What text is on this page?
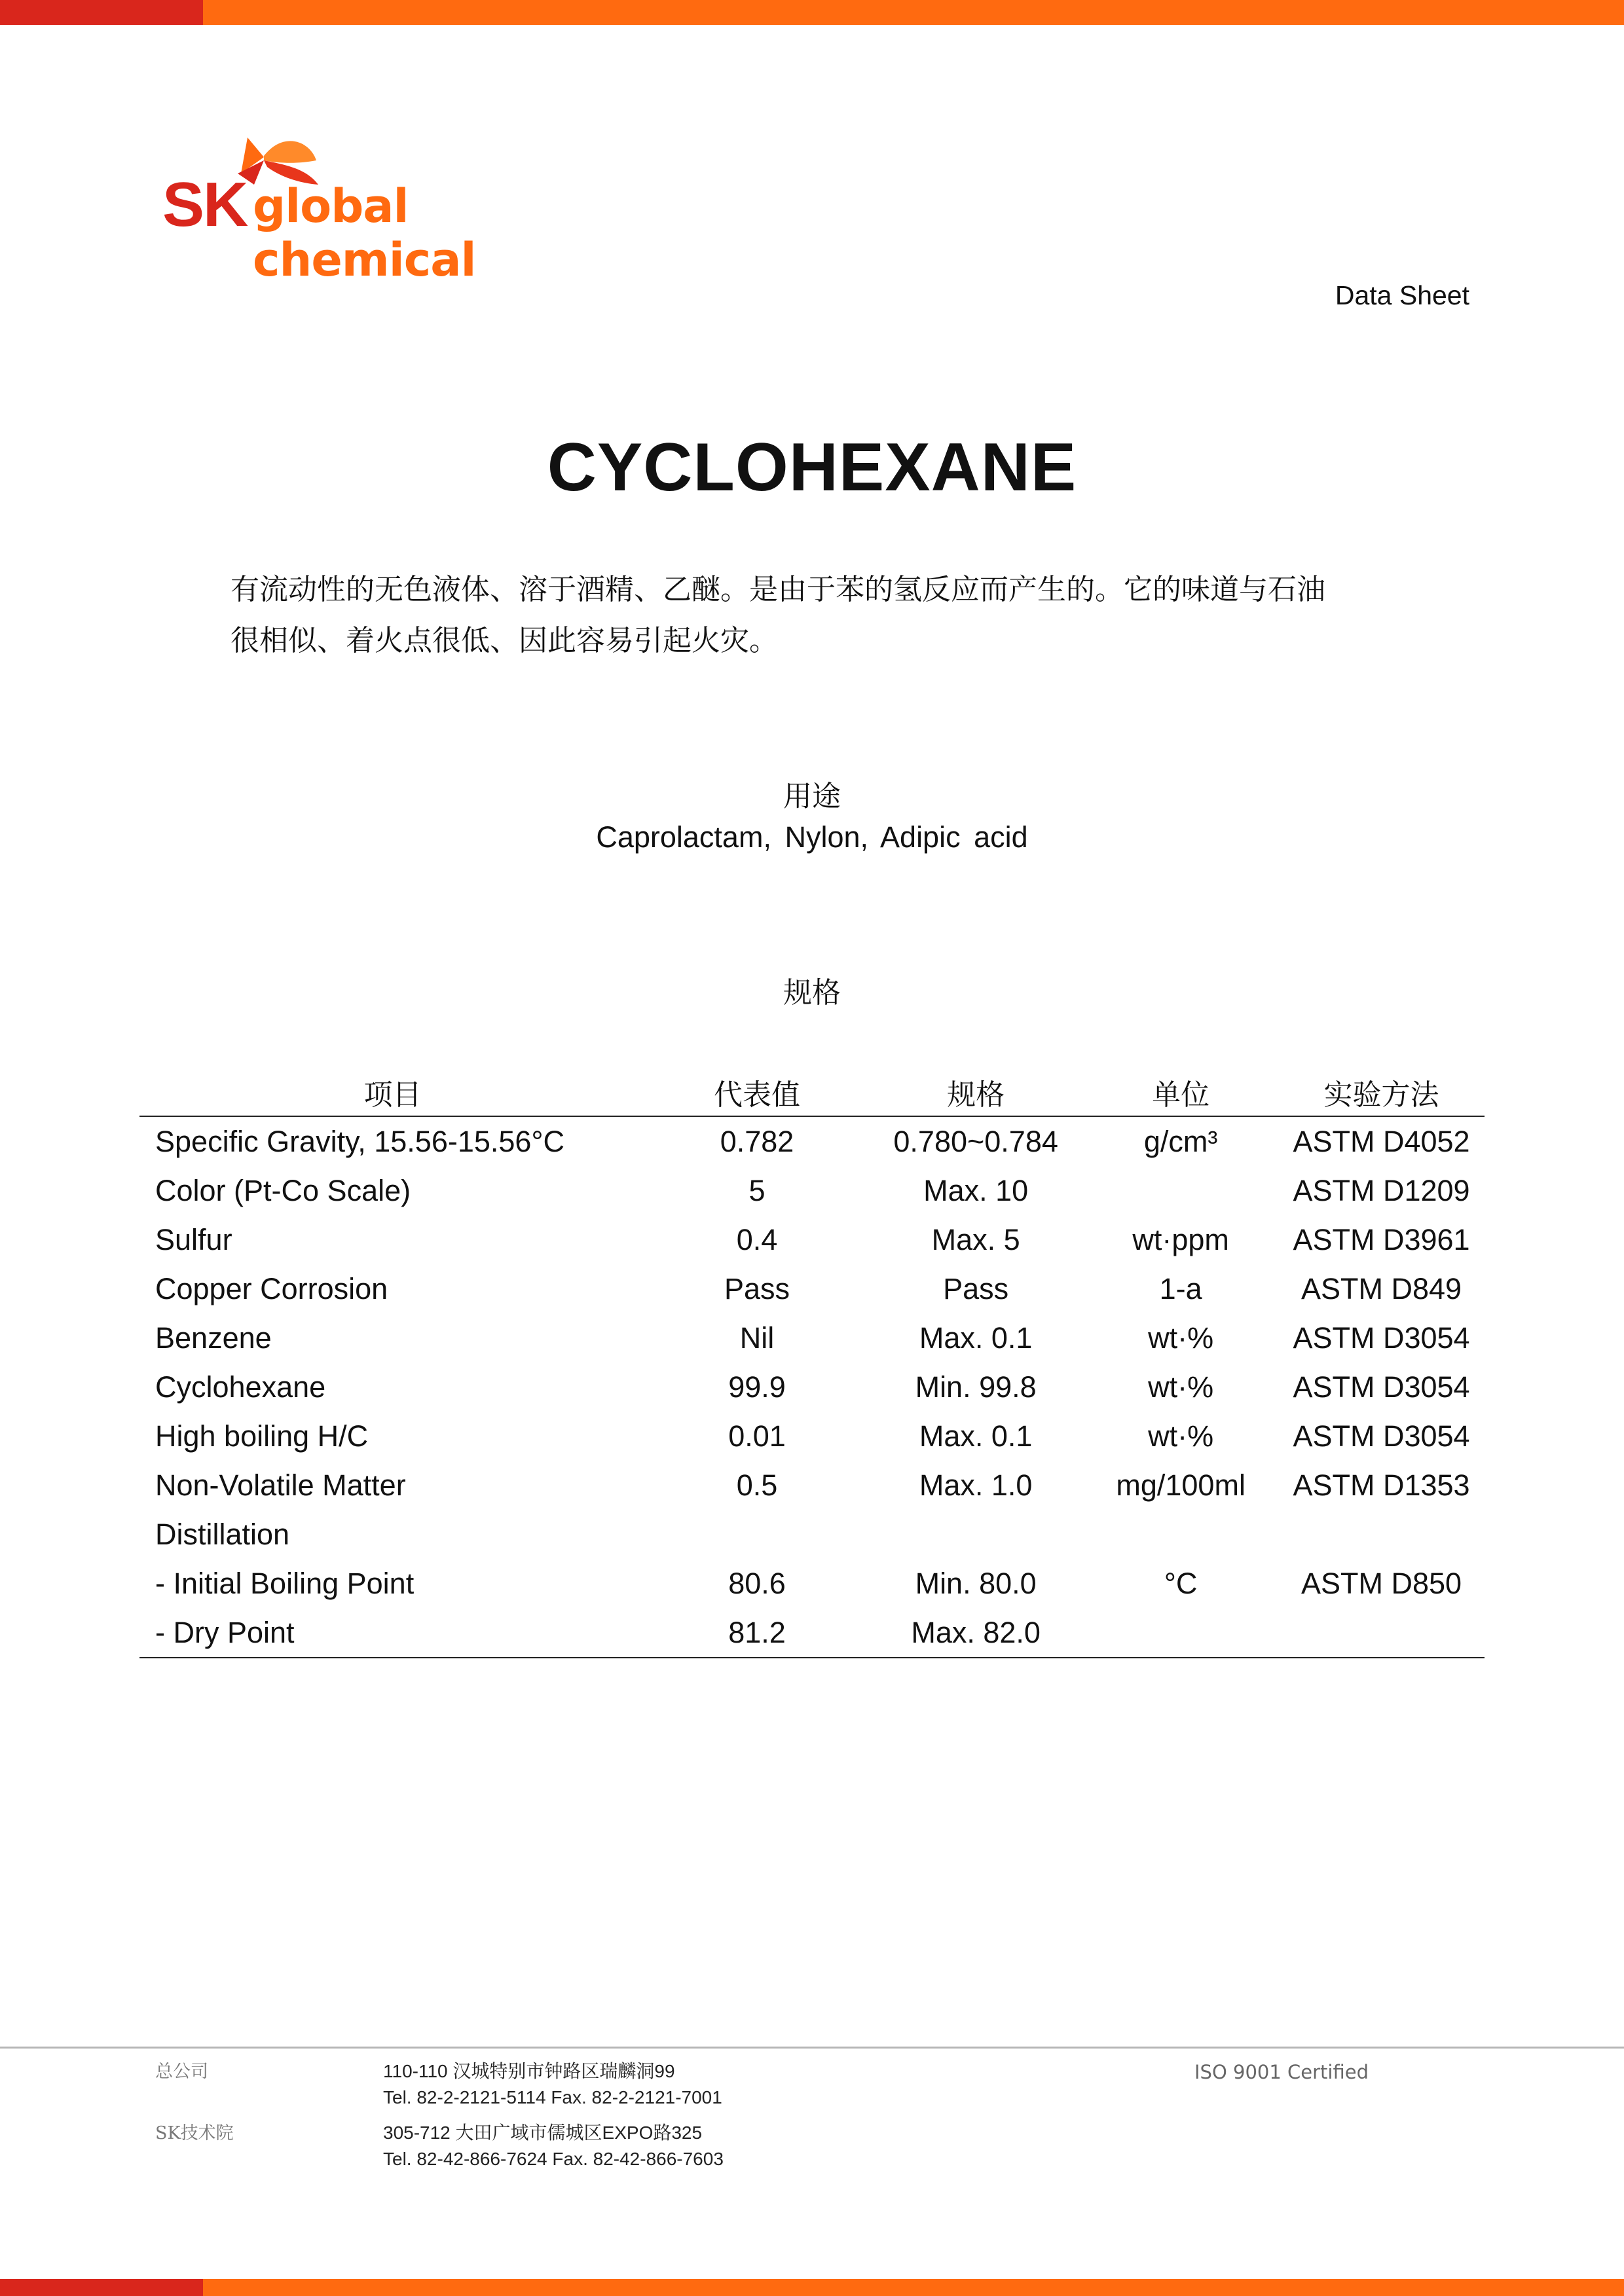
SK global chemical
Data Sheet
CYCLOHEXANE
有流动性的无色液体、溶于酒精、乙醚。是由于苯的氢反应而产生的。它的味道与石油
很相似、着火点很低、因此容易引起火灾。
用途
Caprolactam, Nylon, Adipic acid
规格
项目	代表值	规格	单位	实验方法
Specific Gravity, 15.56-15.56°C	0.782	0.780~0.784	g/cm³	ASTM D4052
Color (Pt-Co Scale)	5	Max. 10		ASTM D1209
Sulfur	0.4	Max. 5	wt·ppm	ASTM D3961
Copper Corrosion	Pass	Pass	1-a	ASTM D849
Benzene	Nil	Max. 0.1	wt·%	ASTM D3054
Cyclohexane	99.9	Min. 99.8	wt·%	ASTM D3054
High boiling H/C	0.01	Max. 0.1	wt·%	ASTM D3054
Non-Volatile Matter	0.5	Max. 1.0	mg/100ml	ASTM D1353
Distillation				
- Initial Boiling Point	80.6	Min. 80.0	°C	ASTM D850
- Dry Point	81.2	Max. 82.0		
总公司	110-110 汉城特别市钟路区瑞麟洞99
Tel. 82-2-2121-5114 Fax. 82-2-2121-7001
SK技术院	305-712 大田广域市儒城区EXPO路325
Tel. 82-42-866-7624 Fax. 82-42-866-7603
ISO 9001 Certified
